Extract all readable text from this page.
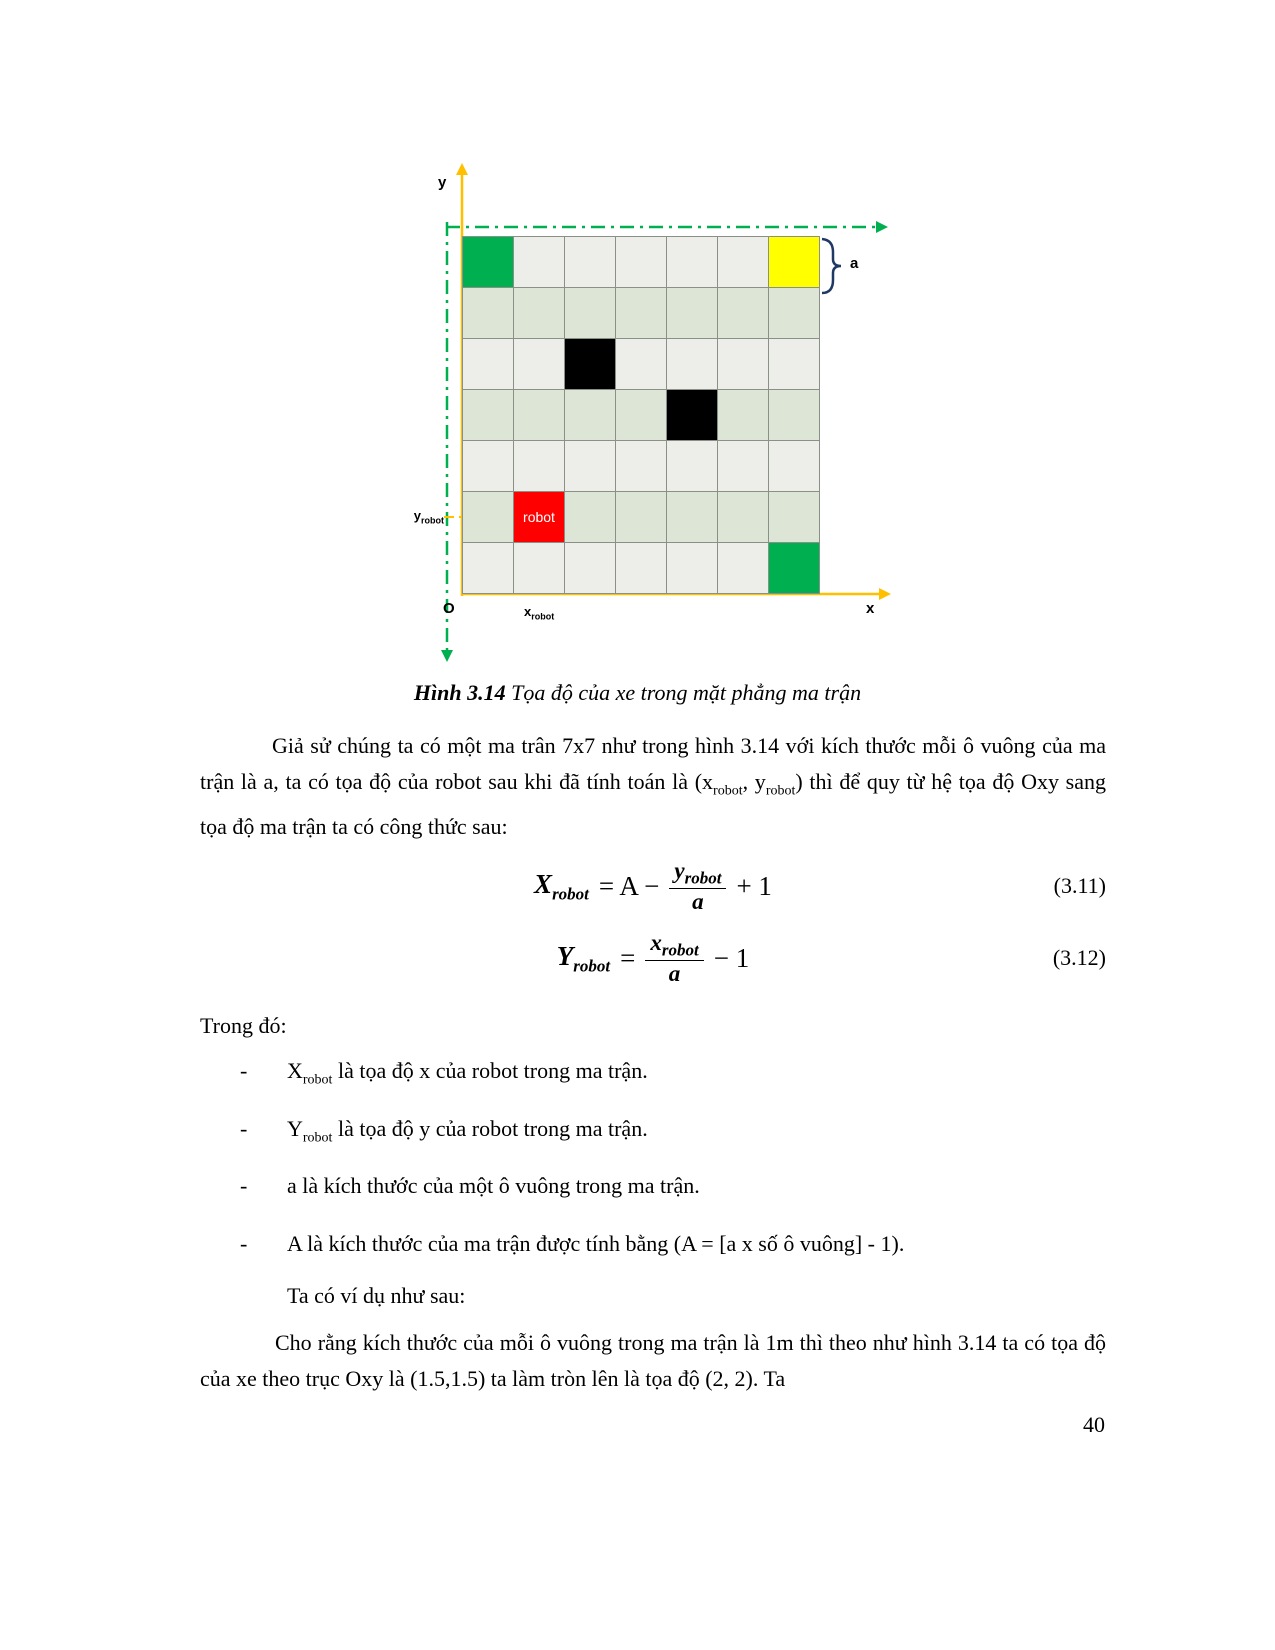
robot
y
x
O
a
$y_{robot}$
$x_{robot}$
Hình 3.14 Tọa độ của xe trong mặt phẳng ma trận

Giả sử chúng ta có một ma trân 7x7 như trong hình 3.14 với kích thước mỗi ô vuông của ma trận là a, ta có tọa độ của robot sau khi đã tính toán là ($x_{robot}$, $y_{robot}$) thì để quy từ hệ tọa độ Oxy sang tọa độ ma trận ta có công thức sau:

$X_{robot} = A - \frac{y_{robot}}{a} + 1$	(3.11)
$Y_{robot} = \frac{x_{robot}}{a} - 1$	(3.12)

Trong đó:

-	$X_{robot}$ là tọa độ x của robot trong ma trận.
-	$Y_{robot}$ là tọa độ y của robot trong ma trận.
-	a là kích thước của một ô vuông trong ma trận.
-	A là kích thước của ma trận được tính bằng (A = [a x số ô vuông] - 1).

Ta có ví dụ như sau:

Cho rằng kích thước của mỗi ô vuông trong ma trận là 1m thì theo như hình 3.14 ta có tọa độ của xe theo trục Oxy là (1.5,1.5) ta làm tròn lên là tọa độ (2, 2). Ta

40
